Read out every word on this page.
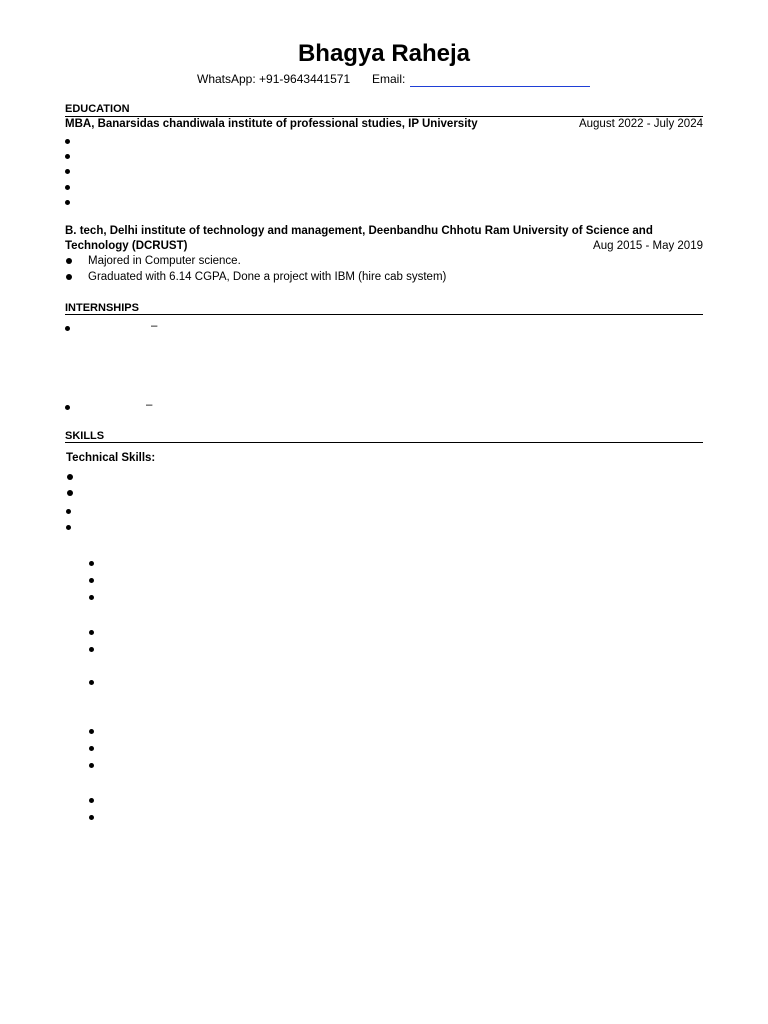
Bhagya Raheja
WhatsApp: +91-9643441571 Email:
EDUCATION
MBA, Banarsidas chandiwala institute of professional studies, IP University	August 2022 - July 2024
B. tech, Delhi institute of technology and management, Deenbandhu Chhotu Ram University of Science and
Technology (DCRUST)	Aug 2015 - May 2019
Majored in Computer science.
Graduated with 6.14 CGPA, Done a project with IBM (hire cab system)
INTERNSHIPS
–
–
SKILLS
Technical Skills:
